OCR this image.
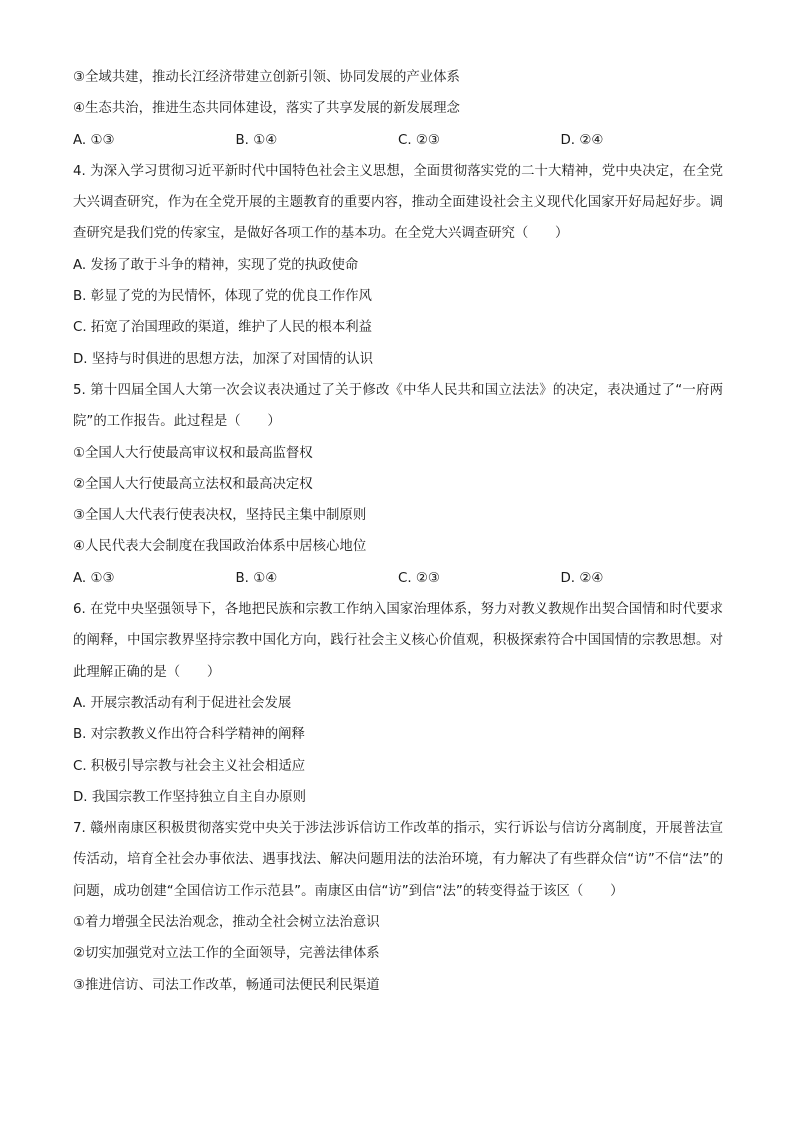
③全域共建，推动长江经济带建立创新引领、协同发展的产业体系
④生态共治，推进生态共同体建设，落实了共享发展的新发展理念
A. ①③	B. ①④	C. ②③	D. ②④
4. 为深入学习贯彻习近平新时代中国特色社会主义思想，全面贯彻落实党的二十大精神，党中央决定，在全党大兴调查研究，作为在全党开展的主题教育的重要内容，推动全面建设社会主义现代化国家开好局起好步。调查研究是我们党的传家宝，是做好各项工作的基本功。在全党大兴调查研究（　　）
A. 发扬了敢于斗争的精神，实现了党的执政使命
B. 彰显了党的为民情怀，体现了党的优良工作作风
C. 拓宽了治国理政的渠道，维护了人民的根本利益
D. 坚持与时俱进的思想方法，加深了对国情的认识
5. 第十四届全国人大第一次会议表决通过了关于修改《中华人民共和国立法法》的决定，表决通过了“一府两院”的工作报告。此过程是（　　）
①全国人大行使最高审议权和最高监督权
②全国人大行使最高立法权和最高决定权
③全国人大代表行使表决权，坚持民主集中制原则
④人民代表大会制度在我国政治体系中居核心地位
A. ①③	B. ①④	C. ②③	D. ②④
6. 在党中央坚强领导下，各地把民族和宗教工作纳入国家治理体系，努力对教义教规作出契合国情和时代要求的阐释，中国宗教界坚持宗教中国化方向，践行社会主义核心价值观，积极探索符合中国国情的宗教思想。对此理解正确的是（　　）
A. 开展宗教活动有利于促进社会发展
B. 对宗教教义作出符合科学精神的阐释
C. 积极引导宗教与社会主义社会相适应
D. 我国宗教工作坚持独立自主自办原则
7. 赣州南康区积极贯彻落实党中央关于涉法涉诉信访工作改革的指示，实行诉讼与信访分离制度，开展普法宣传活动，培育全社会办事依法、遇事找法、解决问题用法的法治环境，有力解决了有些群众信“访”不信“法”的问题，成功创建“全国信访工作示范县”。南康区由信“访”到信“法”的转变得益于该区（　　）
①着力增强全民法治观念，推动全社会树立法治意识
②切实加强党对立法工作的全面领导，完善法律体系
③推进信访、司法工作改革，畅通司法便民利民渠道
